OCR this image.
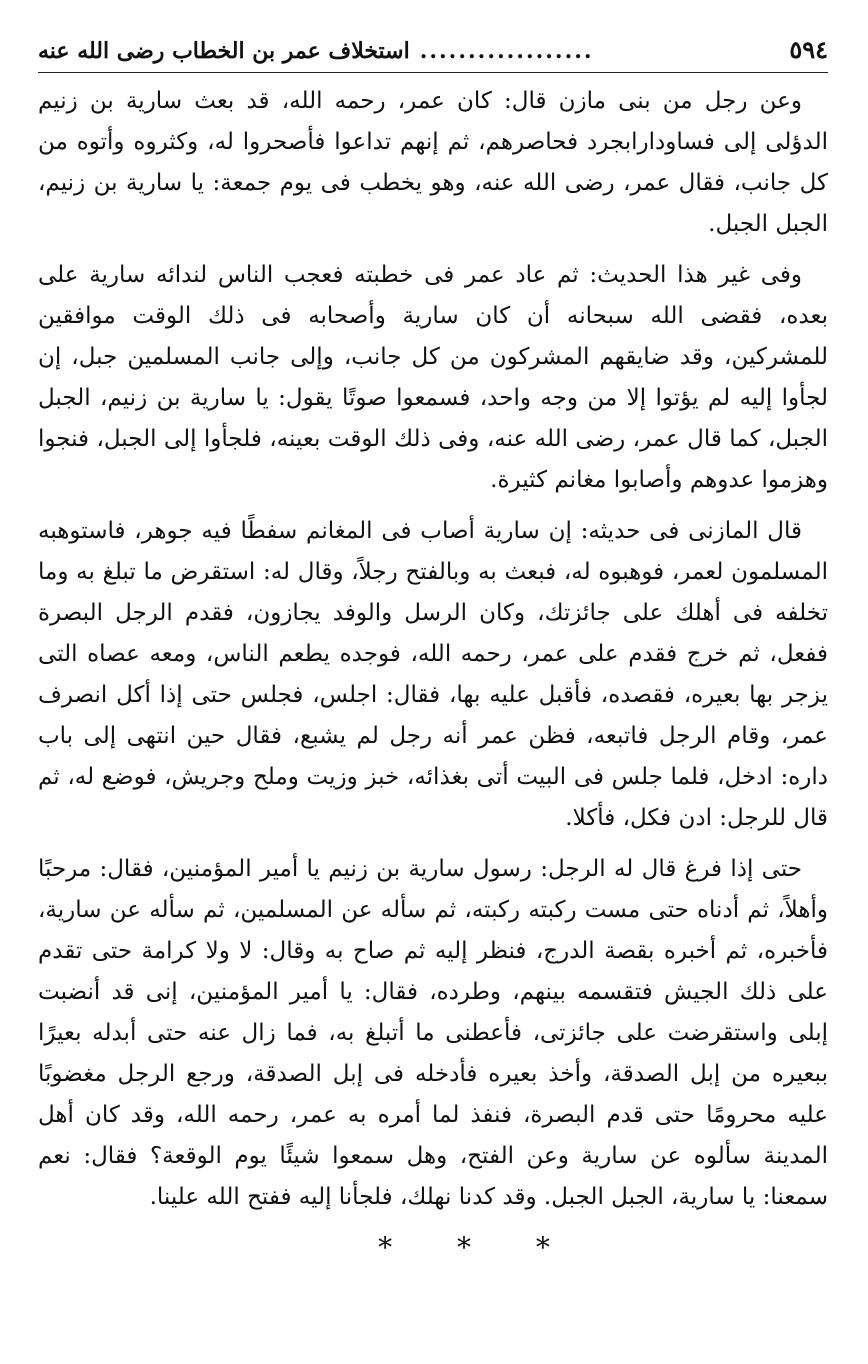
٥٩٤
..................
استخلاف عمر بن الخطاب رضى الله عنه

وعن رجل من بنى مازن قال: كان عمر، رحمه الله، قد بعث سارية بن زنيم الدؤلى إلى فساودارابجرد فحاصرهم، ثم إنهم تداعوا فأصحروا له، وكثروه وأتوه من كل جانب، فقال عمر، رضى الله عنه، وهو يخطب فى يوم جمعة: يا سارية بن زنيم، الجبل الجبل.

وفى غير هذا الحديث: ثم عاد عمر فى خطبته فعجب الناس لندائه سارية على بعده، فقضى الله سبحانه أن كان سارية وأصحابه فى ذلك الوقت موافقين للمشركين، وقد ضايقهم المشركون من كل جانب، وإلى جانب المسلمين جبل، إن لجأوا إليه لم يؤتوا إلا من وجه واحد، فسمعوا صوتًا يقول: يا سارية بن زنيم، الجبل الجبل، كما قال عمر، رضى الله عنه، وفى ذلك الوقت بعينه، فلجأوا إلى الجبل، فنجوا وهزموا عدوهم وأصابوا مغانم كثيرة.

قال المازنى فى حديثه: إن سارية أصاب فى المغانم سفطًا فيه جوهر، فاستوهبه المسلمون لعمر، فوهبوه له، فبعث به وبالفتح رجلاً، وقال له: استقرض ما تبلغ به وما تخلفه فى أهلك على جائزتك، وكان الرسل والوفد يجازون، فقدم الرجل البصرة ففعل، ثم خرج فقدم على عمر، رحمه الله، فوجده يطعم الناس، ومعه عصاه التى يزجر بها بعيره، فقصده، فأقبل عليه بها، فقال: اجلس، فجلس حتى إذا أكل انصرف عمر، وقام الرجل فاتبعه، فظن عمر أنه رجل لم يشبع، فقال حين انتهى إلى باب داره: ادخل، فلما جلس فى البيت أتى بغذائه، خبز وزيت وملح وجريش، فوضع له، ثم قال للرجل: ادن فكل، فأكلا.

حتى إذا فرغ قال له الرجل: رسول سارية بن زنيم يا أمير المؤمنين، فقال: مرحبًا وأهلاً، ثم أدناه حتى مست ركبته ركبته، ثم سأله عن المسلمين، ثم سأله عن سارية، فأخبره، ثم أخبره بقصة الدرج، فنظر إليه ثم صاح به وقال: لا ولا كرامة حتى تقدم على ذلك الجيش فتقسمه بينهم، وطرده، فقال: يا أمير المؤمنين، إنى قد أنضبت إبلى واستقرضت على جائزتى، فأعطنى ما أتبلغ به، فما زال عنه حتى أبدله بعيرًا ببعيره من إبل الصدقة، وأخذ بعيره فأدخله فى إبل الصدقة، ورجع الرجل مغضوبًا عليه محرومًا حتى قدم البصرة، فنفذ لما أمره به عمر، رحمه الله، وقد كان أهل المدينة سألوه عن سارية وعن الفتح، وهل سمعوا شيئًا يوم الوقعة؟ فقال: نعم سمعنا: يا سارية، الجبل الجبل. وقد كدنا نهلك، فلجأنا إليه ففتح الله علينا.

* * *
